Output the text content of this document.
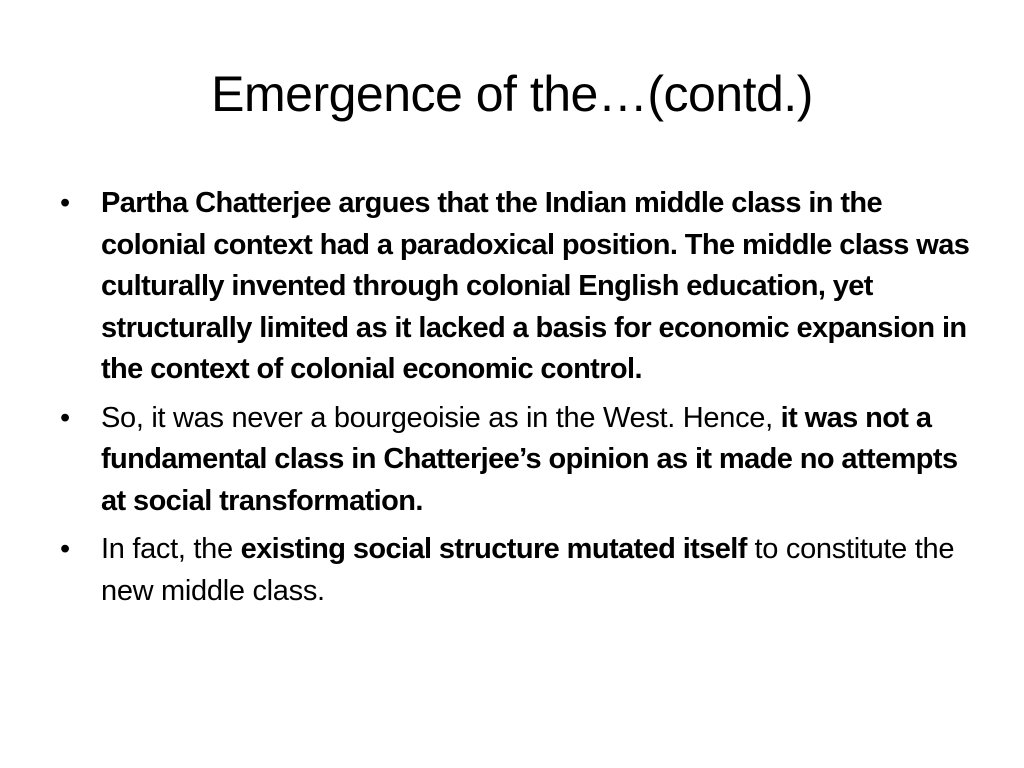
Emergence of the…(contd.)
• Partha Chatterjee argues that the Indian middle class in the colonial context had a paradoxical position. The middle class was culturally invented through colonial English education, yet structurally limited as it lacked a basis for economic expansion in the context of colonial economic control.
• So, it was never a bourgeoisie as in the West. Hence, it was not a fundamental class in Chatterjee’s opinion as it made no attempts at social transformation.
• In fact, the existing social structure mutated itself to constitute the new middle class.
